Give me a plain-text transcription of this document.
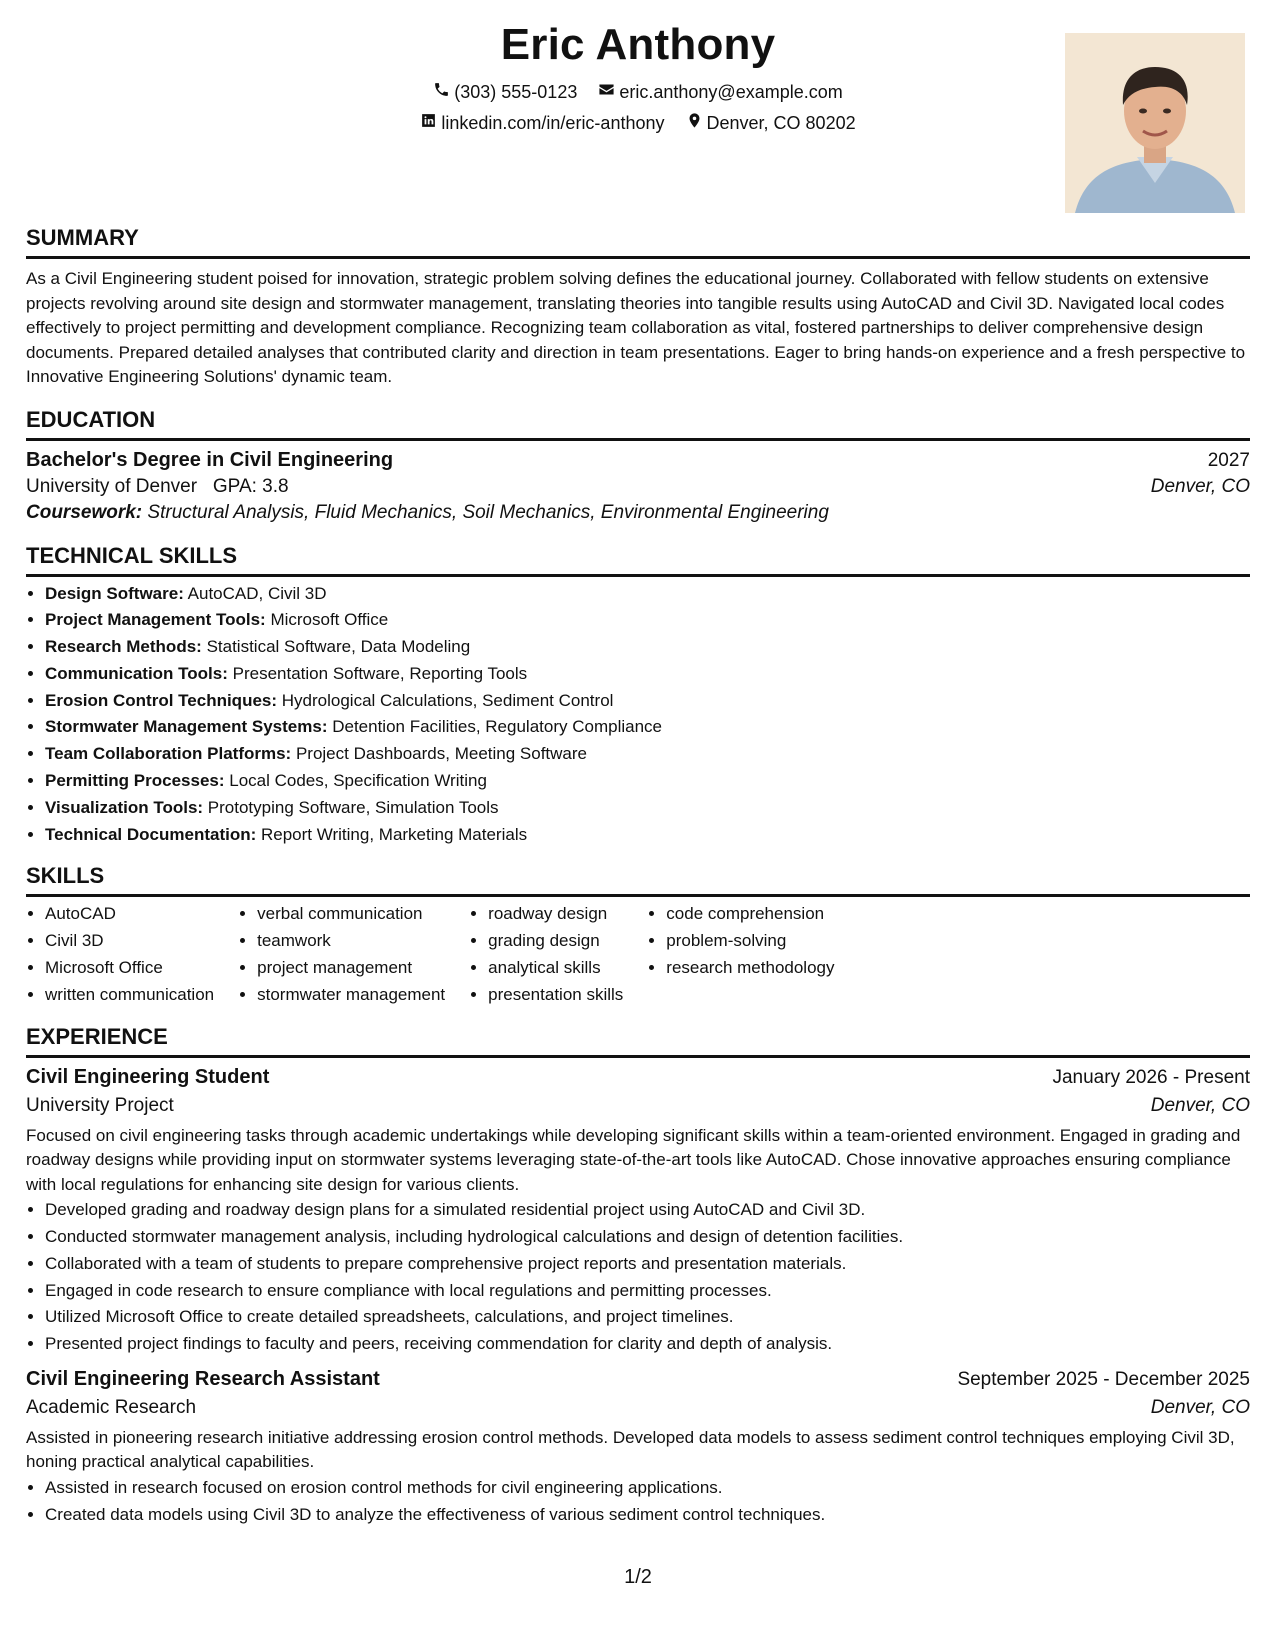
Eric Anthony
(303) 555-0123
eric.anthony@example.com
linkedin.com/in/eric-anthony
Denver, CO 80202
SUMMARY

As a Civil Engineering student poised for innovation, strategic problem solving defines the educational journey. Collaborated with fellow students on extensive projects revolving around site design and stormwater management, translating theories into tangible results using AutoCAD and Civil 3D. Navigated local codes effectively to project permitting and development compliance. Recognizing team collaboration as vital, fostered partnerships to deliver comprehensive design documents. Prepared detailed analyses that contributed clarity and direction in team presentations. Eager to bring hands-on experience and a fresh perspective to Innovative Engineering Solutions' dynamic team.

EDUCATION
Bachelor's Degree in Civil Engineering	2027
University of Denver GPA: 3.8	Denver, CO
Coursework: Structural Analysis, Fluid Mechanics, Soil Mechanics, Environmental Engineering
TECHNICAL SKILLS
• Design Software: AutoCAD, Civil 3D
• Project Management Tools: Microsoft Office
• Research Methods: Statistical Software, Data Modeling
• Communication Tools: Presentation Software, Reporting Tools
• Erosion Control Techniques: Hydrological Calculations, Sediment Control
• Stormwater Management Systems: Detention Facilities, Regulatory Compliance
• Team Collaboration Platforms: Project Dashboards, Meeting Software
• Permitting Processes: Local Codes, Specification Writing
• Visualization Tools: Prototyping Software, Simulation Tools
• Technical Documentation: Report Writing, Marketing Materials
SKILLS
• AutoCAD
• Civil 3D
• Microsoft Office
• written communication
• verbal communication
• teamwork
• project management
• stormwater management
• roadway design
• grading design
• analytical skills
• presentation skills
• code comprehension
• problem-solving
• research methodology
EXPERIENCE
Civil Engineering Student	January 2026 - Present
University Project	Denver, CO

Focused on civil engineering tasks through academic undertakings while developing significant skills within a team-oriented environment. Engaged in grading and roadway designs while providing input on stormwater systems leveraging state-of-the-art tools like AutoCAD. Chose innovative approaches ensuring compliance with local regulations for enhancing site design for various clients.

• Developed grading and roadway design plans for a simulated residential project using AutoCAD and Civil 3D.
• Conducted stormwater management analysis, including hydrological calculations and design of detention facilities.
• Collaborated with a team of students to prepare comprehensive project reports and presentation materials.
• Engaged in code research to ensure compliance with local regulations and permitting processes.
• Utilized Microsoft Office to create detailed spreadsheets, calculations, and project timelines.
• Presented project findings to faculty and peers, receiving commendation for clarity and depth of analysis.
Civil Engineering Research Assistant	September 2025 - December 2025
Academic Research	Denver, CO

Assisted in pioneering research initiative addressing erosion control methods. Developed data models to assess sediment control techniques employing Civil 3D, honing practical analytical capabilities.

• Assisted in research focused on erosion control methods for civil engineering applications.
• Created data models using Civil 3D to analyze the effectiveness of various sediment control techniques.
1/2
